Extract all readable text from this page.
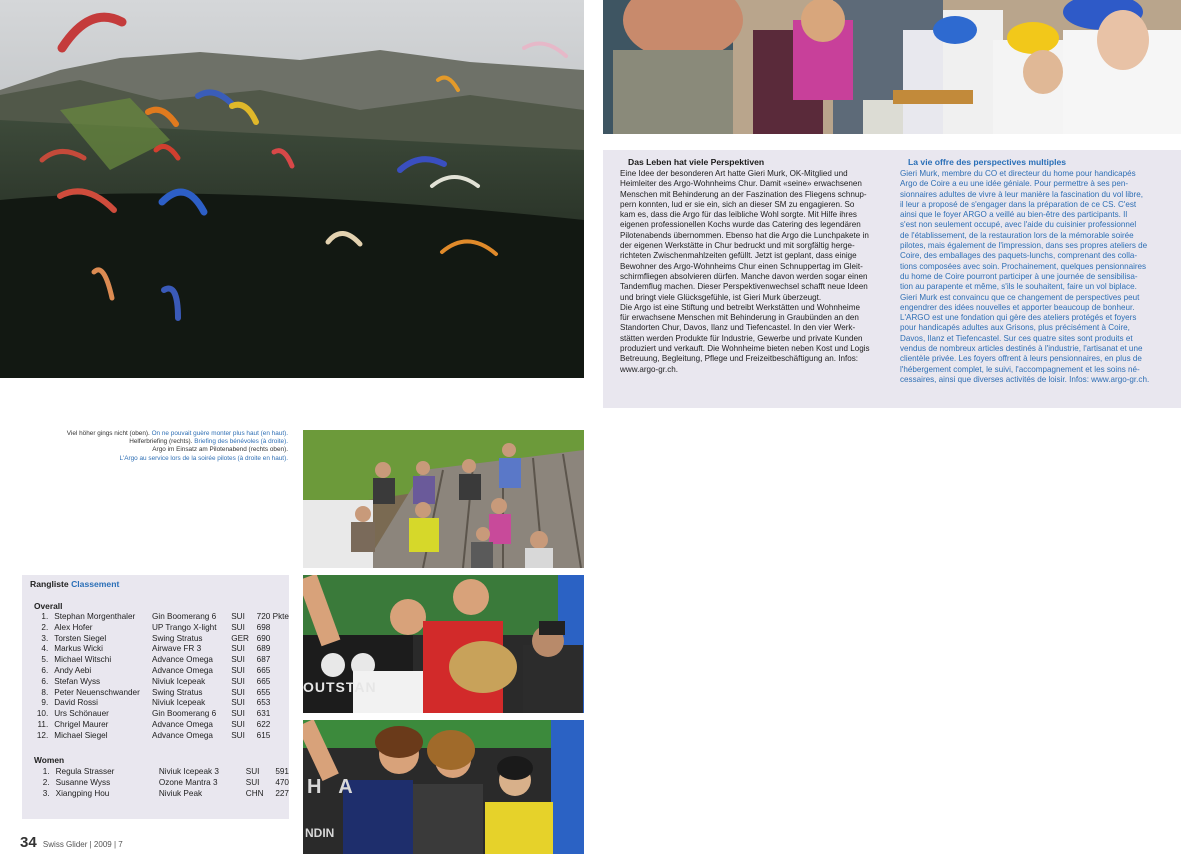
OUTSTAN
H A
NDIN
Das Leben hat viele Perspektiven
Eine Idee der besonderen Art hatte Gieri Murk, OK-Mitglied und
Heimleiter des Argo-Wohnheims Chur. Damit «seine» erwachsenen
Menschen mit Behinderung an der Faszination des Fliegens schnup-
pern konnten, lud er sie ein, sich an dieser SM zu engagieren. So
kam es, dass die Argo für das leibliche Wohl sorgte. Mit Hilfe ihres
eigenen professionellen Kochs wurde das Catering des legendären
Pilotenabends übernommen. Ebenso hat die Argo die Lunchpakete in
der eigenen Werkstätte in Chur bedruckt und mit sorgfältig herge-
richteten Zwischenmahlzeiten gefüllt. Jetzt ist geplant, dass einige
Bewohner des Argo-Wohnheims Chur einen Schnuppertag im Gleit-
schirmfliegen absolvieren dürfen. Manche davon werden sogar einen
Tandemflug machen. Dieser Perspektivenwechsel schafft neue Ideen
und bringt viele Glücksgefühle, ist Gieri Murk überzeugt.
Die Argo ist eine Stiftung und betreibt Werkstätten und Wohnheime
für erwachsene Menschen mit Behinderung in Graubünden an den
Standorten Chur, Davos, Ilanz und Tiefencastel. In den vier Werk-
stätten werden Produkte für Industrie, Gewerbe und private Kunden
produziert und verkauft. Die Wohnheime bieten neben Kost und Logis
Betreuung, Begleitung, Pflege und Freizeitbeschäftigung an. Infos:
www.argo-gr.ch.
La vie offre des perspectives multiples
Gieri Murk, membre du CO et directeur du home pour handicapés
Argo de Coire a eu une idée géniale. Pour permettre à ses pen-
sionnaires adultes de vivre à leur manière la fascination du vol libre,
il leur a proposé de s'engager dans la préparation de ce CS. C'est
ainsi que le foyer ARGO a veillé au bien-être des participants. Il
s'est non seulement occupé, avec l'aide du cuisinier professionnel
de l'établissement, de la restauration lors de la mémorable soirée
pilotes, mais également de l'impression, dans ses propres ateliers de
Coire, des emballages des paquets-lunchs, comprenant des colla-
tions composées avec soin. Prochainement, quelques pensionnaires
du home de Coire pourront participer à une journée de sensibilisa-
tion au parapente et même, s'ils le souhaitent, faire un vol biplace.
Gieri Murk est convaincu que ce changement de perspectives peut
engendrer des idées nouvelles et apporter beaucoup de bonheur.
L'ARGO est une fondation qui gère des ateliers protégés et foyers
pour handicapés adultes aux Grisons, plus précisément à Coire,
Davos, Ilanz et Tiefencastel. Sur ces quatre sites sont produits et
vendus de nombreux articles destinés à l'industrie, l'artisanat et une
clientèle privée. Les foyers offrent à leurs pensionnaires, en plus de
l'hébergement complet, le suivi, l'accompagnement et les soins né-
cessaires, ainsi que diverses activités de loisir. Infos: www.argo-gr.ch.
Viel höher gings nicht (oben). On ne pouvait guère monter plus haut (en haut).
Helferbriefing (rechts). Briefing des bénévoles (à droite).
Argo im Einsatz am Pilotenabend (rechts oben).
L'Argo au service lors de la soirée pilotes (à droite en haut).
Rangliste Classement
Overall
1.	Stephan Morgenthaler	Gin Boomerang 6	SUI	720 Pkte
2.	Alex Hofer	UP Trango X-light	SUI	698
3.	Torsten Siegel	Swing Stratus	GER	690
4.	Markus Wicki	Airwave FR 3	SUI	689
5.	Michael Witschi	Advance Omega	SUI	687
6.	Andy Aebi	Advance Omega	SUI	665
6.	Stefan Wyss	Niviuk Icepeak	SUI	665
8.	Peter Neuenschwander	Swing Stratus	SUI	655
9.	David Rossi	Niviuk Icepeak	SUI	653
10.	Urs Schönauer	Gin Boomerang 6	SUI	631
11.	Chrigel Maurer	Advance Omega	SUI	622
12.	Michael Siegel	Advance Omega	SUI	615
Women
1.	Regula Strasser	Niviuk Icepeak 3	SUI	591
2.	Susanne Wyss	Ozone Mantra 3	SUI	470
3.	Xiangping Hou	Niviuk Peak	CHN	227
34 Swiss Glider | 2009 | 7
